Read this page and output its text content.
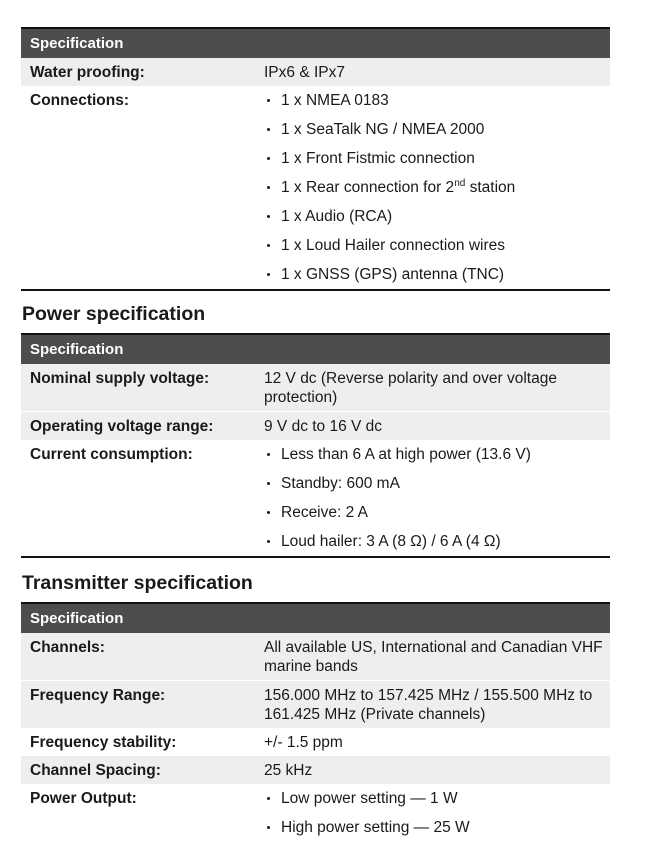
Specification
Water proofing:	IPx6 & IPx7
Connections:	1 x NMEA 0183
1 x SeaTalk NG / NMEA 2000
1 x Front Fistmic connection
1 x Rear connection for 2nd station
1 x Audio (RCA)
1 x Loud Hailer connection wires
1 x GNSS (GPS) antenna (TNC)
Power specification
Specification
Nominal supply voltage:	12 V dc (Reverse polarity and over voltage protection)
Operating voltage range:	9 V dc to 16 V dc
Current consumption:	Less than 6 A at high power (13.6 V)
Standby: 600 mA
Receive: 2 A
Loud hailer: 3 A (8 Ω) / 6 A (4 Ω)
Transmitter specification
Specification
Channels:	All available US, International and Canadian VHF marine bands
Frequency Range:	156.000 MHz to 157.425 MHz / 155.500 MHz to 161.425 MHz (Private channels)
Frequency stability:	+/- 1.5 ppm
Channel Spacing:	25 kHz
Power Output:	Low power setting — 1 W
High power setting — 25 W
